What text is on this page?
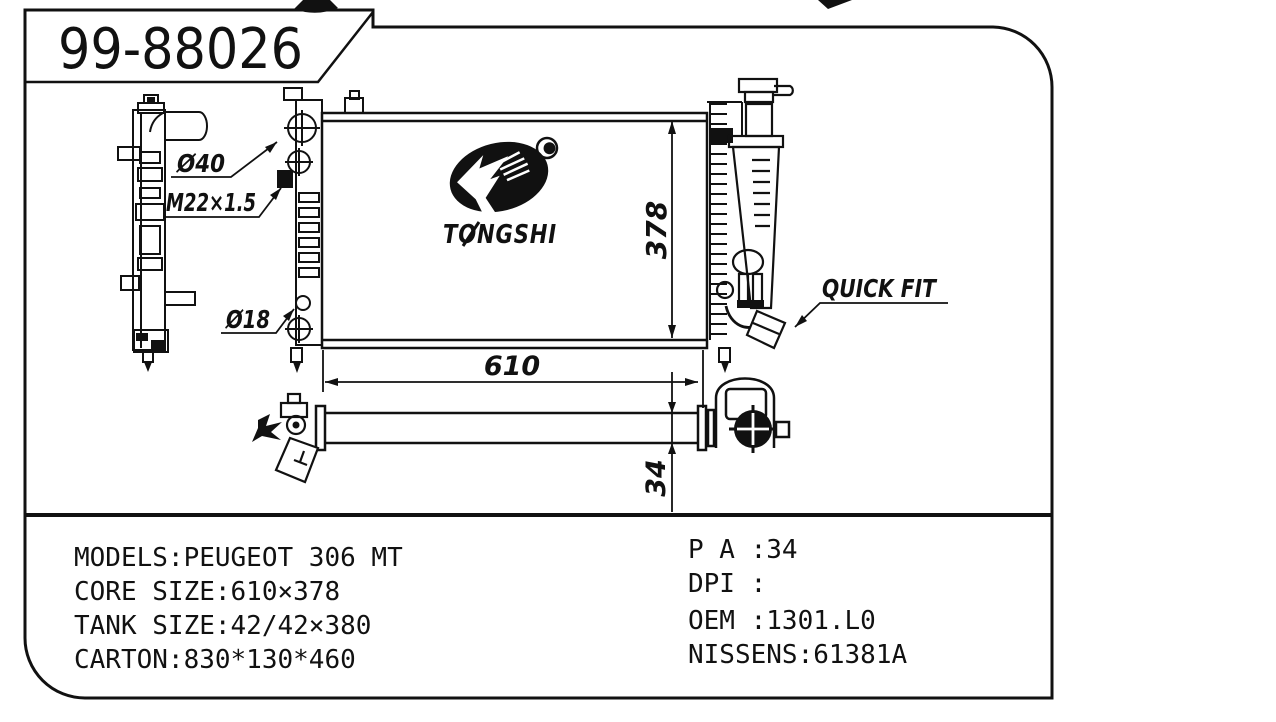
99-88026
378
®
TONGSHI
Ø40
M22×1.5
Ø18
QUICK FIT
610
34
MODELS:PEUGEOT 306 MT
CORE SIZE:610×378
TANK SIZE:42/42×380
CARTON:830*130*460
P A :34
DPI :
OEM :1301.L0
NISSENS:61381A
